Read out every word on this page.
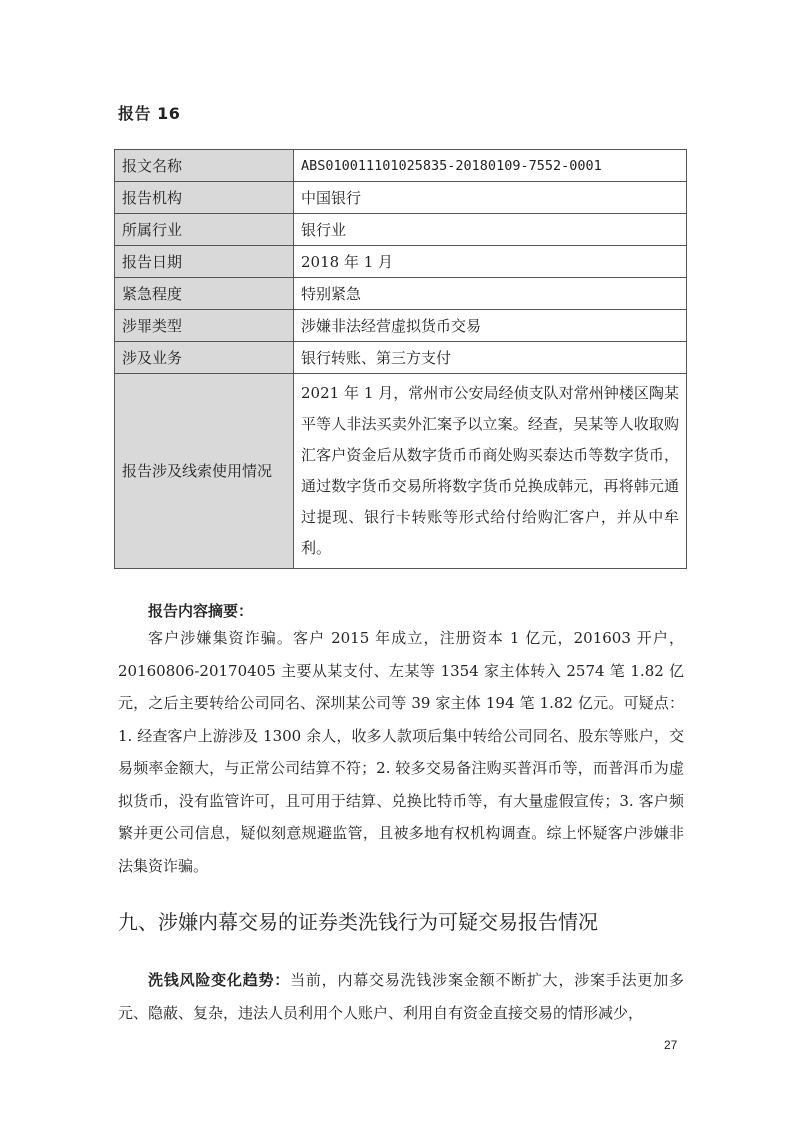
报告 16
报文名称	ABS010011101025835-20180109-7552-0001
报告机构	中国银行
所属行业	银行业
报告日期	2018 年 1 月
紧急程度	特别紧急
涉罪类型	涉嫌非法经营虚拟货币交易
涉及业务	银行转账、第三方支付
报告涉及线索使用情况	2021 年 1 月，常州市公安局经侦支队对常州钟楼区陶某平等人非法买卖外汇案予以立案。经查，吴某等人收取购汇客户资金后从数字货币币商处购买泰达币等数字货币，通过数字货币交易所将数字货币兑换成韩元，再将韩元通过提现、银行卡转账等形式给付给购汇客户，并从中牟利。
报告内容摘要：
客户涉嫌集资诈骗。客户 2015 年成立，注册资本 1 亿元，201603 开户，20160806-20170405 主要从某支付、左某等 1354 家主体转入 2574 笔 1.82 亿元，之后主要转给公司同名、深圳某公司等 39 家主体 194 笔 1.82 亿元。可疑点：1. 经查客户上游涉及 1300 余人，收多人款项后集中转给公司同名、股东等账户，交易频率金额大，与正常公司结算不符；2. 较多交易备注购买普洱币等，而普洱币为虚拟货币，没有监管许可，且可用于结算、兑换比特币等，有大量虚假宣传；3. 客户频繁并更公司信息，疑似刻意规避监管，且被多地有权机构调查。综上怀疑客户涉嫌非法集资诈骗。
九、涉嫌内幕交易的证券类洗钱行为可疑交易报告情况
洗钱风险变化趋势：当前，内幕交易洗钱涉案金额不断扩大，涉案手法更加多元、隐蔽、复杂，违法人员利用个人账户、利用自有资金直接交易的情形减少，
27
